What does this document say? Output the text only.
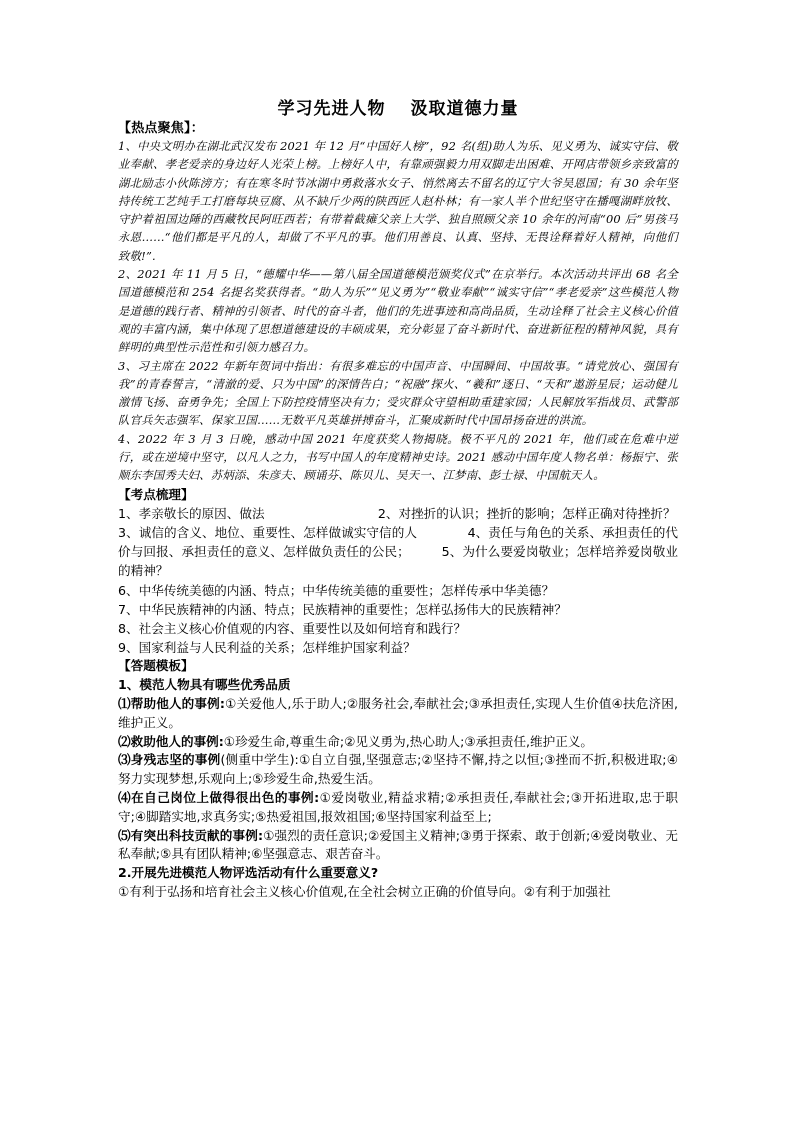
学习先进人物　 汲取道德力量

【热点聚焦】：

1、中央文明办在湖北武汉发布 2021 年 12 月“中国好人榜”，92 名(组)助人为乐、见义勇为、诚实守信、敬业奉献、孝老爱亲的身边好人光荣上榜。上榜好人中，有靠顽强毅力用双脚走出困难、开网店带领乡亲致富的湖北励志小伙陈滂方；有在寒冬时节冰湖中勇救落水女子、悄然离去不留名的辽宁大爷吴恩国；有 30 余年坚持传统工艺纯手工打磨每块豆腐、从不缺斤少两的陕西匠人赵朴林；有一家人半个世纪坚守在播嘎湖畔放牧、守护着祖国边陲的西藏牧民阿旺西若；有带着截瘫父亲上大学、独自照顾父亲 10 余年的河南“00 后”男孩马永恩……“他们都是平凡的人，却做了不平凡的事。他们用善良、认真、坚持、无畏诠释着好人精神，向他们致敬!”.

2、2021 年 11 月 5 日，“德耀中华——第八届全国道德模范颁奖仪式”在京举行。本次活动共评出 68 名全国道德模范和 254 名提名奖获得者。“助人为乐”“见义勇为”“敬业奉献”“诚实守信”“孝老爱亲”这些模范人物是道德的践行者、精神的引领者、时代的奋斗者，他们的先进事迹和高尚品质，生动诠释了社会主义核心价值观的丰富内涵，集中体现了思想道德建设的丰硕成果，充分彰显了奋斗新时代、奋进新征程的精神风貌，具有鲜明的典型性示范性和引领力感召力。

3、习主席在 2022 年新年贺词中指出：有很多难忘的中国声音、中国瞬间、中国故事。“请党放心、强国有我”的青春誓言，“清澈的爱、只为中国”的深情告白；“祝融”探火、“羲和”逐日、“天和”遨游星辰；运动健儿激情飞扬、奋勇争先；全国上下防控疫情坚决有力；受灾群众守望相助重建家园；人民解放军指战员、武警部队官兵矢志强军、保家卫国……无数平凡英雄拼搏奋斗，汇聚成新时代中国昂扬奋进的洪流。

4、2022 年 3 月 3 日晚，感动中国 2021 年度获奖人物揭晓。极不平凡的 2021 年，他们或在危难中逆行，或在逆境中坚守，以凡人之力，书写中国人的年度精神史诗。2021 感动中国年度人物名单：杨振宁、张顺东李国秀夫妇、苏炳添、朱彦夫、顾诵芬、陈贝儿、吴天一、江梦南、彭士禄、中国航天人。

【考点梳理】

1、孝亲敬长的原因、做法　　　　　　　　　2、对挫折的认识；挫折的影响；怎样正确对待挫折？

3、诚信的含义、地位、重要性、怎样做诚实守信的人　　　　4、责任与角色的关系、承担责任的代价与回报、承担责任的意义、怎样做负责任的公民；　　　5、为什么要爱岗敬业；怎样培养爱岗敬业的精神？

6、中华传统美德的内涵、特点；中华传统美德的重要性；怎样传承中华美德？

7、中华民族精神的内涵、特点；民族精神的重要性；怎样弘扬伟大的民族精神？

8、社会主义核心价值观的内容、重要性以及如何培育和践行？

9、国家利益与人民利益的关系；怎样维护国家利益？

【答题模板】

1、模范人物具有哪些优秀品质

⑴帮助他人的事例:①关爱他人,乐于助人;②服务社会,奉献社会;③承担责任,实现人生价值④扶危济困,维护正义。

⑵救助他人的事例:①珍爱生命,尊重生命;②见义勇为,热心助人;③承担责任,维护正义。

⑶身残志坚的事例(侧重中学生):①自立自强,坚强意志;②坚持不懈,持之以恒;③挫而不折,积极进取;④努力实现梦想,乐观向上;⑤珍爱生命,热爱生活。

⑷在自己岗位上做得很出色的事例:①爱岗敬业,精益求精;②承担责任,奉献社会;③开拓进取,忠于职守;④脚踏实地,求真务实;⑤热爱祖国,报效祖国;⑥坚持国家利益至上;

⑸有突出科技贡献的事例:①强烈的责任意识;②爱国主义精神;③勇于探索、敢于创新;④爱岗敬业、无私奉献;⑤具有团队精神;⑥坚强意志、艰苦奋斗。

2.开展先进模范人物评选活动有什么重要意义?

①有利于弘扬和培育社会主义核心价值观,在全社会树立正确的价值导向。②有利于加强社
